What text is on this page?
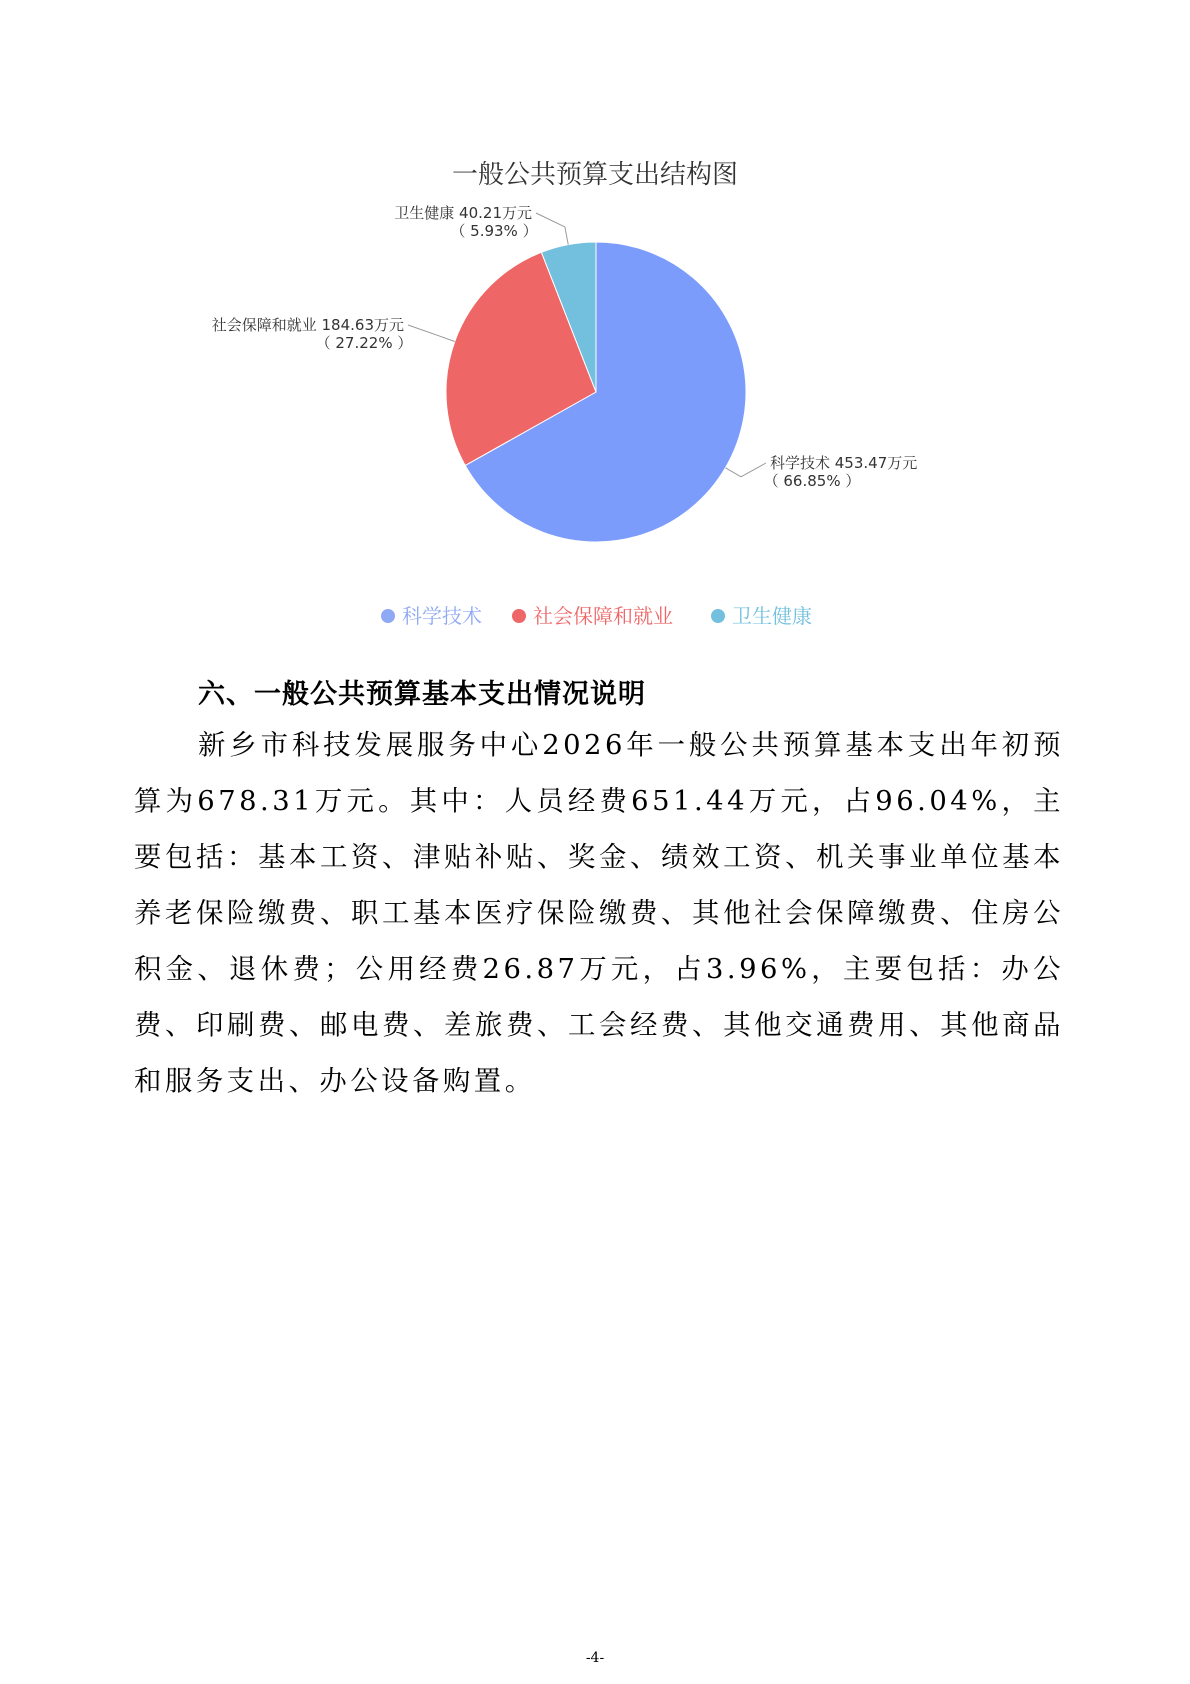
一般公共预算支出结构图
科学技术 453.47万元
（ 66.85% ）
社会保障和就业 184.63万元
（ 27.22% ）
卫生健康 40.21万元
（ 5.93% ）
科学技术	社会保障和就业	卫生健康
六、一般公共预算基本支出情况说明

新乡市科技发展服务中心2026年一般公共预算基本支出年初预算为678.31万元。其中：人员经费651.44万元，占96.04%，主要包括：基本工资、津贴补贴、奖金、绩效工资、机关事业单位基本养老保险缴费、职工基本医疗保险缴费、其他社会保障缴费、住房公积金、退休费；公用经费26.87万元，占3.96%，主要包括：办公费、印刷费、邮电费、差旅费、工会经费、其他交通费用、其他商品和服务支出、办公设备购置。

-4-
